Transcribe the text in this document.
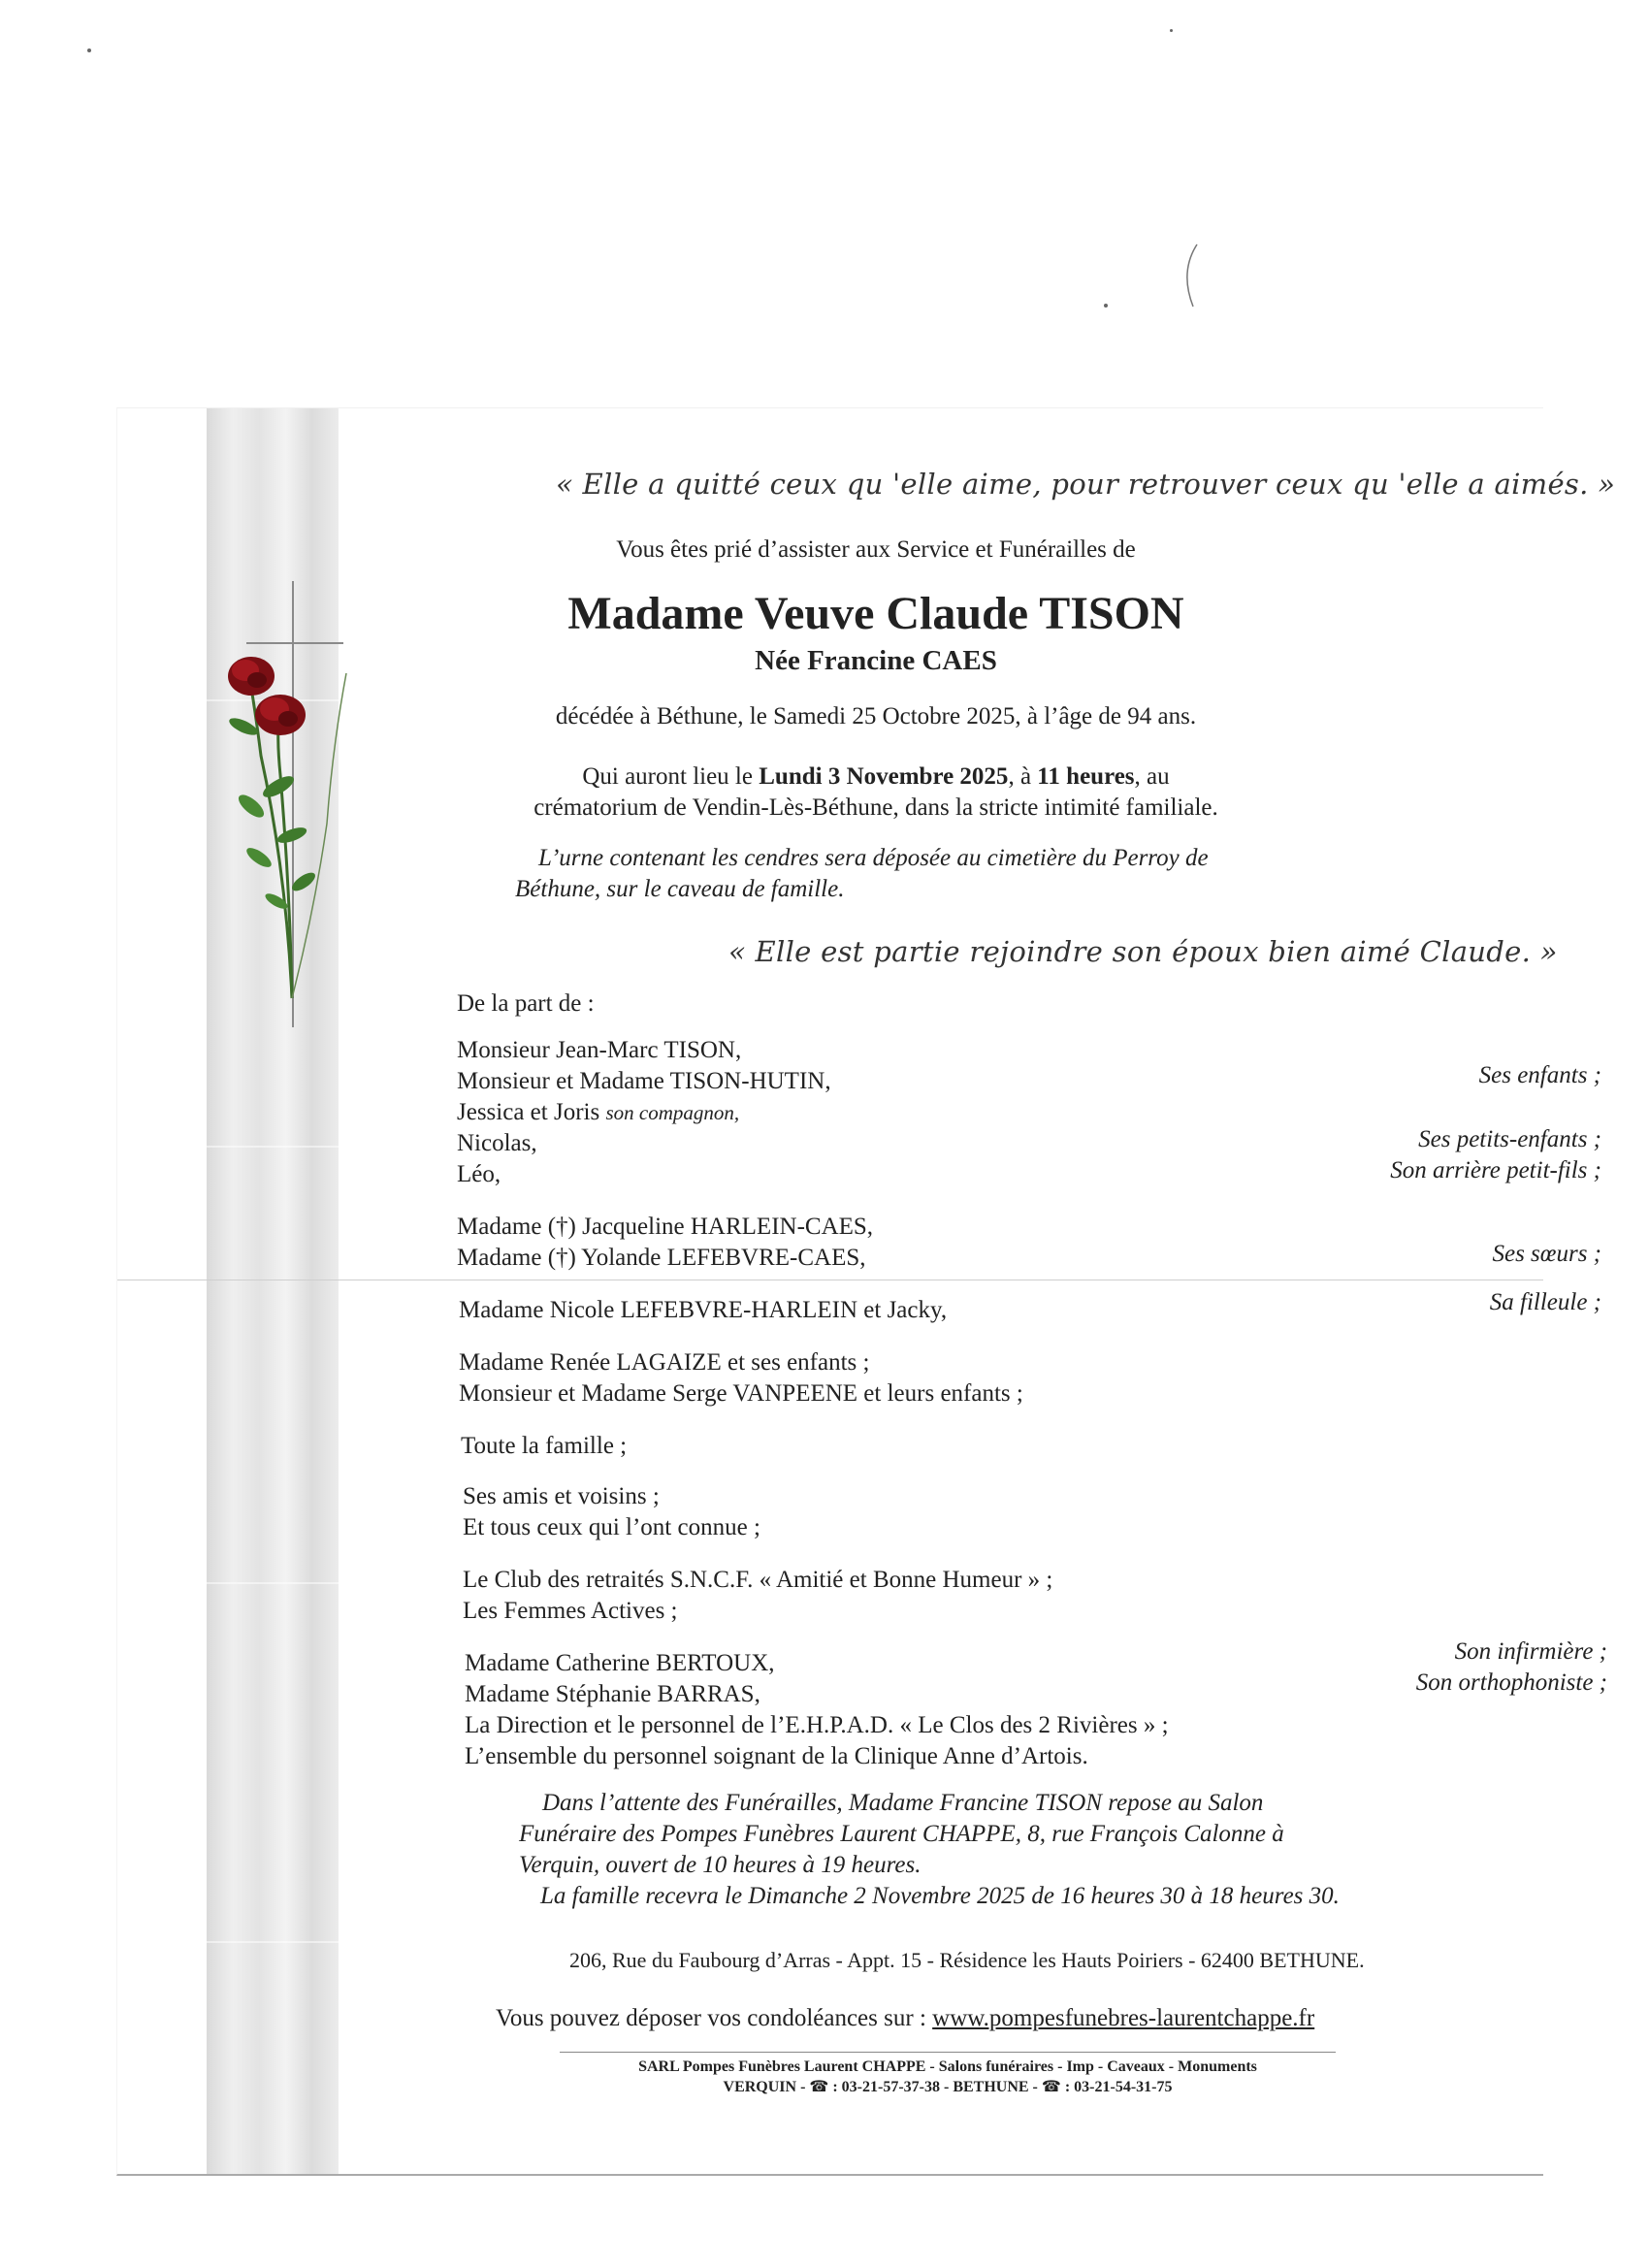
« Elle a quitté ceux qu 'elle aime, pour retrouver ceux qu 'elle a aimés. »
Vous êtes prié d’assister aux Service et Funérailles de
Madame Veuve Claude TISON
Née Francine CAES
décédée à Béthune, le Samedi 25 Octobre 2025, à l’âge de 94 ans.
Qui auront lieu le Lundi 3 Novembre 2025, à 11 heures, au
crématorium de Vendin-Lès-Béthune, dans la stricte intimité familiale.
L’urne contenant les cendres sera déposée au cimetière du Perroy de
Béthune, sur le caveau de famille.
« Elle est partie rejoindre son époux bien aimé Claude. »
De la part de :
Monsieur Jean-Marc TISON,
Monsieur et Madame TISON-HUTIN,
Jessica et Joris son compagnon,
Nicolas,
Léo,
Madame (†) Jacqueline HARLEIN-CAES,
Madame (†) Yolande LEFEBVRE-CAES,
Madame Nicole LEFEBVRE-HARLEIN et Jacky,
Madame Renée LAGAIZE et ses enfants ;
Monsieur et Madame Serge VANPEENE et leurs enfants ;
Toute la famille ;
Ses amis et voisins ;
Et tous ceux qui l’ont connue ;
Le Club des retraités S.N.C.F. « Amitié et Bonne Humeur » ;
Les Femmes Actives ;
Madame Catherine BERTOUX,
Madame Stéphanie BARRAS,
La Direction et le personnel de l’E.H.P.A.D. « Le Clos des 2 Rivières » ;
L’ensemble du personnel soignant de la Clinique Anne d’Artois.
Ses enfants ;
Ses petits-enfants ;
Son arrière petit-fils ;
Ses sœurs ;
Sa filleule ;
Son infirmière ;
Son orthophoniste ;
Dans l’attente des Funérailles, Madame Francine TISON repose au Salon
Funéraire des Pompes Funèbres Laurent CHAPPE, 8, rue François Calonne à
Verquin, ouvert de 10 heures à 19 heures.
La famille recevra le Dimanche 2 Novembre 2025 de 16 heures 30 à 18 heures 30.
206, Rue du Faubourg d’Arras - Appt. 15 - Résidence les Hauts Poiriers - 62400 BETHUNE.
Vous pouvez déposer vos condoléances sur : www.pompesfunebres-laurentchappe.fr
SARL Pompes Funèbres Laurent CHAPPE - Salons funéraires - Imp - Caveaux - Monuments
VERQUIN - ☎ : 03-21-57-37-38 - BETHUNE - ☎ : 03-21-54-31-75
